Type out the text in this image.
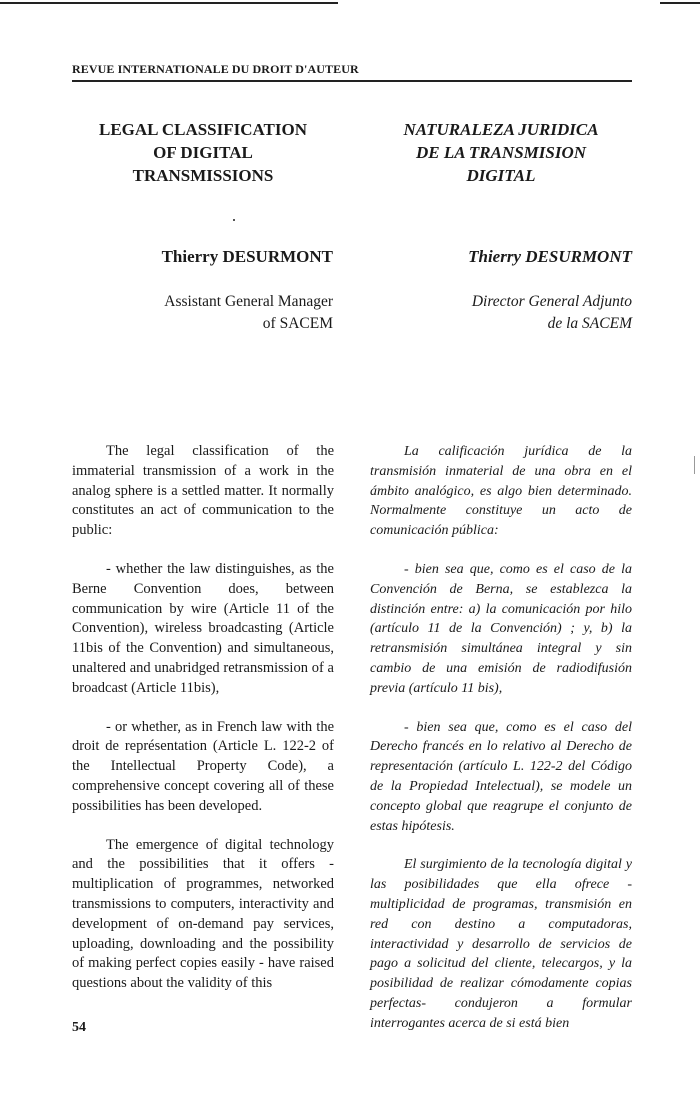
REVUE INTERNATIONALE DU DROIT D'AUTEUR
LEGAL CLASSIFICATION
OF DIGITAL
TRANSMISSIONS
NATURALEZA JURIDICA
DE LA TRANSMISION
DIGITAL
Thierry DESURMONT	Thierry DESURMONT
Assistant General Manager
of SACEM
Director General Adjunto
de la SACEM

The legal classification of the immaterial transmission of a work in the analog sphere is a settled matter. It normally constitutes an act of communication to the public:

- whether the law distinguishes, as the Berne Convention does, between communication by wire (Article 11 of the Convention), wireless broadcasting (Article 11bis of the Convention) and simultaneous, unaltered and unabridged retransmission of a broadcast (Article 11bis),

- or whether, as in French law with the droit de représentation (Article L. 122-2 of the Intellectual Property Code), a comprehensive concept covering all of these possibilities has been developed.

The emergence of digital technology and the possibilities that it offers - multiplication of programmes, networked transmissions to computers, interactivity and development of on-demand pay services, uploading, downloading and the possibility of making perfect copies easily - have raised questions about the validity of this

La calificación jurídica de la transmisión inmaterial de una obra en el ámbito analógico, es algo bien determinado. Normalmente constituye un acto de comunicación pública:

- bien sea que, como es el caso de la Convención de Berna, se establezca la distinción entre: a) la comunicación por hilo (artículo 11 de la Convención) ; y, b) la retransmisión simultánea integral y sin cambio de una emisión de radiodifusión previa (artículo 11 bis),

- bien sea que, como es el caso del Derecho francés en lo relativo al Derecho de representación (artículo L. 122-2 del Código de la Propiedad Intelectual), se modele un concepto global que reagrupe el conjunto de estas hipótesis.

El surgimiento de la tecnología digital y las posibilidades que ella ofrece -multiplicidad de programas, transmisión en red con destino a computadoras, interactividad y desarrollo de servicios de pago a solicitud del cliente, telecargos, y la posibilidad de realizar cómodamente copias perfectas- condujeron a formular interrogantes acerca de si está bien

54
